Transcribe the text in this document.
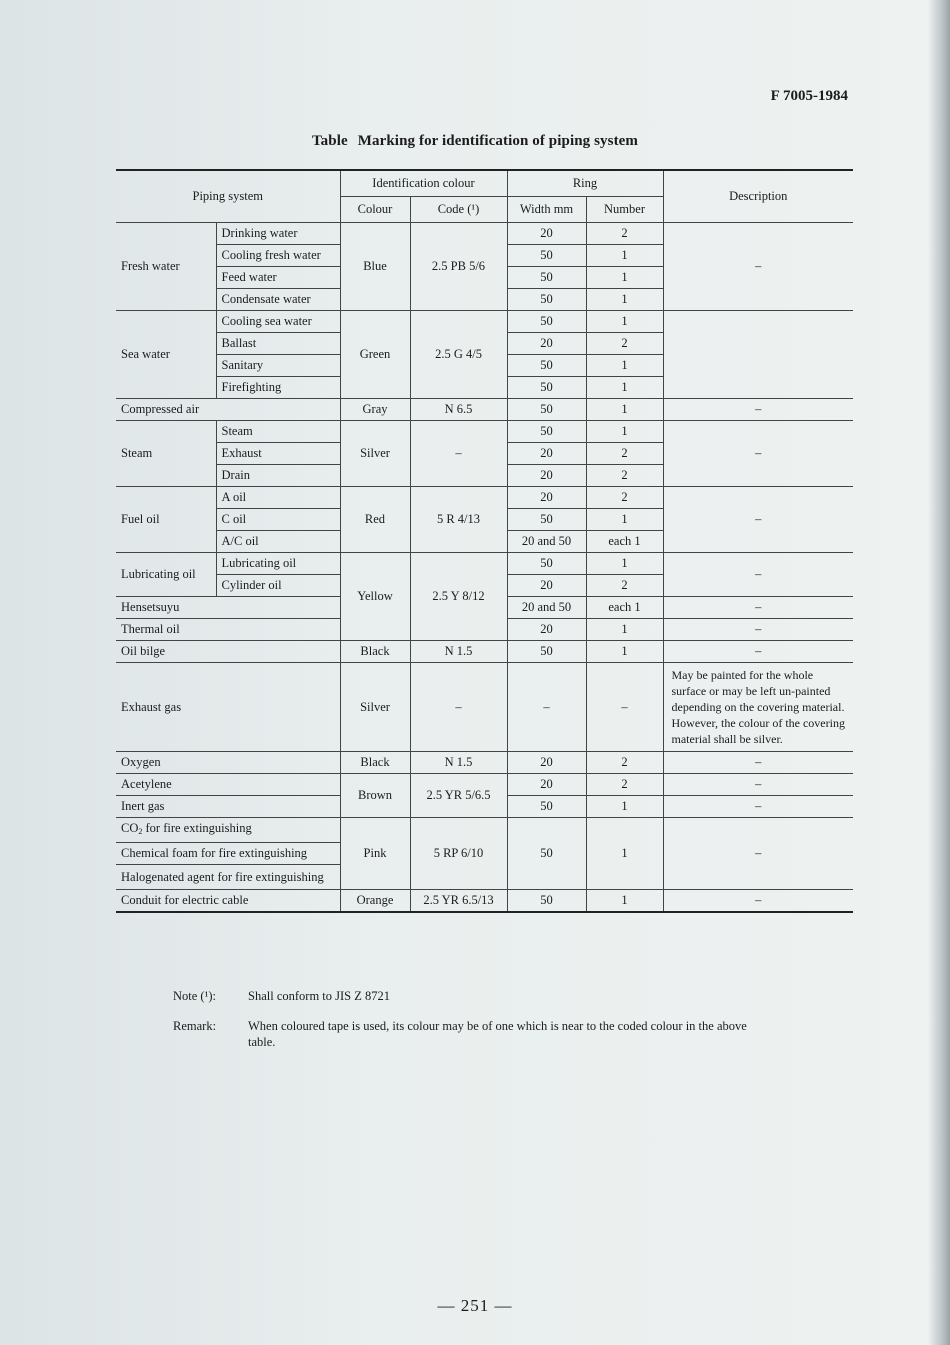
F 7005-1984
Table Marking for identification of piping system
Piping system		Identification colour		Ring		Description
		Colour	Code (¹)	Width mm	Number	
Fresh water	Drinking water	Blue	2.5 PB 5/6	20	2	–
	Cooling fresh water			50	1	
	Feed water			50	1	
	Condensate water			50	1	
Sea water	Cooling sea water	Green	2.5 G 4/5	50	1	
	Ballast			20	2	
	Sanitary			50	1	
	Firefighting			50	1	
Compressed air		Gray	N 6.5	50	1	–
Steam	Steam	Silver	–	50	1	–
	Exhaust			20	2	
	Drain			20	2	
Fuel oil	A oil	Red	5 R 4/13	20	2	–
	C oil			50	1	
	A/C oil			20 and 50	each 1	
Lubricating oil	Lubricating oil	Yellow	2.5 Y 8/12	50	1	–
	Cylinder oil			20	2	
Hensetsuyu				20 and 50	each 1	–
Thermal oil				20	1	–
Oil bilge		Black	N 1.5	50	1	–
Exhaust gas		Silver	–	–	–	May be painted for the whole surface or may be left un-painted depending on the covering material. However, the colour of the covering material shall be silver.
Oxygen		Black	N 1.5	20	2	–
Acetylene		Brown	2.5 YR 5/6.5	20	2	–
Inert gas				50	1	–
$CO_2$ for fire extinguishing		Pink	5 RP 6/10	50	1	–
Chemical foam for fire extinguishing						
Halogenated agent for fire extinguishing						
Conduit for electric cable		Orange	2.5 YR 6.5/13	50	1	–
Note (¹):	Shall conform to JIS Z 8721
Remark:	When coloured tape is used, its colour may be of one which is near to the coded colour in the above table.
— 251 —
